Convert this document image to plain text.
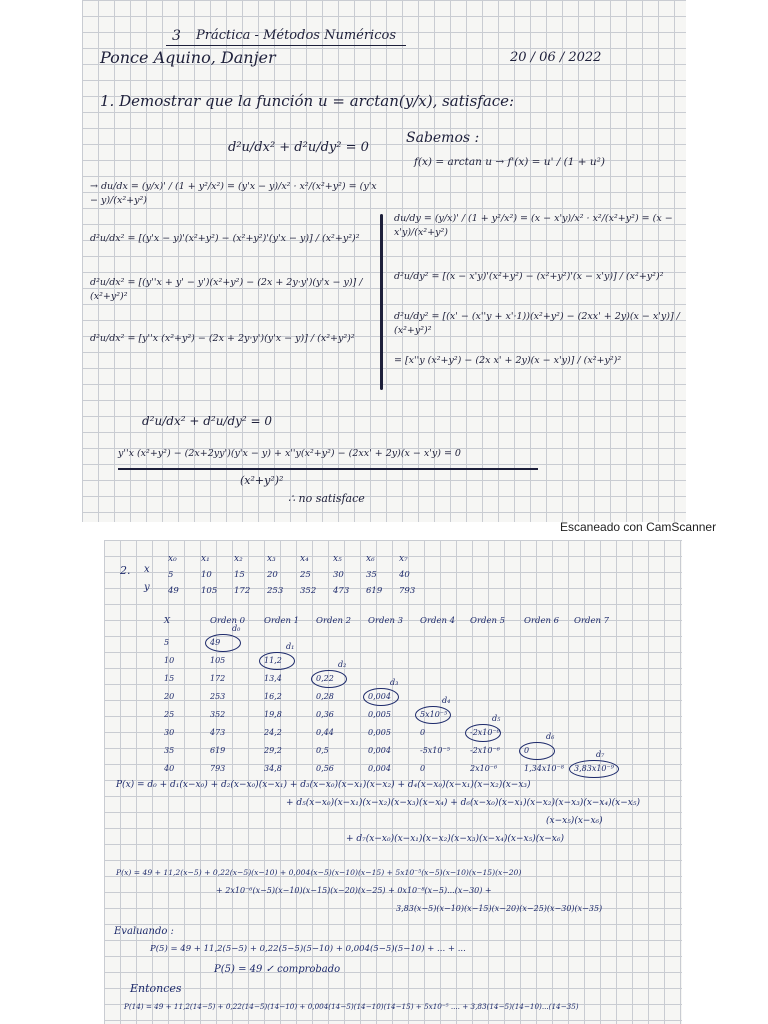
3 Práctica - Métodos Numéricos
Ponce Aquino, Danjer	20 / 06 / 2022
1. Demostrar que la función u = arctan(y/x), satisface:
d²u/dx² + d²u/dy² = 0
→ du/dx = (y/x)' / (1 + y²/x²) = (y'x − y)/x² · x²/(x²+y²) = (y'x − y)/(x²+y²)
d²u/dx² = [(y'x − y)'(x²+y²) − (x²+y²)'(y'x − y)] / (x²+y²)²
d²u/dx² = [(y''x + y' − y')(x²+y²) − (2x + 2y·y')(y'x − y)] / (x²+y²)²
d²u/dx² = [y''x (x²+y²) − (2x + 2y·y')(y'x − y)] / (x²+y²)²
Sabemos :
f(x) = arctan u → f'(x) = u' / (1 + u²)
du/dy = (y/x)' / (1 + y²/x²) = (x − x'y)/x² · x²/(x²+y²) = (x − x'y)/(x²+y²)
d²u/dy² = [(x − x'y)'(x²+y²) − (x²+y²)'(x − x'y)] / (x²+y²)²
d²u/dy² = [(x' − (x''y + x'·1))(x²+y²) − (2xx' + 2y)(x − x'y)] / (x²+y²)²
= [x''y (x²+y²) − (2x x' + 2y)(x − x'y)] / (x²+y²)²
d²u/dx² + d²u/dy² = 0
y''x (x²+y²) − (2x+2yy')(y'x − y) + x''y(x²+y²) − (2xx' + 2y)(x − x'y) = 0
(x²+y²)²
∴ no satisface
Escaneado con CamScanner
2. x
y
x₀	x₁	x₂	x₃	x₄	x₅	x₆	x₇
5	10	15	20	25	30	35	40
49	105 172 253 352 473 619 793
X	Orden 0 Orden 1 Orden 2 Orden 3 Orden 4 Orden 5 Orden 6 Orden 7
5	49
10	105	11,2
15	172	13,4	0,22
20	253	16,2	0,28	0,004
25	352	19,8	0,36	0,005	5x10⁻⁵
30	473	24,2	0,44	0,005	0	-2x10⁻⁶
35	619	29,2	0,5	0,004	-5x10⁻⁵	-2x10⁻⁶	0
40	793	34,8	0,56	0,004	0	2x10⁻⁶	1,34x10⁻⁸ 3,83x10⁻⁹
d₀
d₁
d₂
d₃
d₄
d₅
d₆
d₇
P(x) = d₀ + d₁(x−x₀) + d₂(x−x₀)(x−x₁) + d₃(x−x₀)(x−x₁)(x−x₂) + d₄(x−x₀)(x−x₁)(x−x₂)(x−x₃)
+ d₅(x−x₀)(x−x₁)(x−x₂)(x−x₃)(x−x₄) + d₆(x−x₀)(x−x₁)(x−x₂)(x−x₃)(x−x₄)(x−x₅)
(x−x₅)(x−x₆)
+ d₇(x−x₀)(x−x₁)(x−x₂)(x−x₃)(x−x₄)(x−x₅)(x−x₆)
P(x) = 49 + 11,2(x−5) + 0,22(x−5)(x−10) + 0,004(x−5)(x−10)(x−15) + 5x10⁻⁵(x−5)(x−10)(x−15)(x−20)
+ 2x10⁻⁶(x−5)(x−10)(x−15)(x−20)(x−25) + 0x10⁻⁸(x−5)...(x−30) +
3,83(x−5)(x−10)(x−15)(x−20)(x−25)(x−30)(x−35)
Evaluando :
P(5) = 49 + 11,2(5−5) + 0,22(5−5)(5−10) + 0,004(5−5)(5−10) + ... + ...
P(5) = 49 ✓ comprobado
Entonces
P(14) = 49 + 11,2(14−5) + 0,22(14−5)(14−10) + 0,004(14−5)(14−10)(14−15) + 5x10⁻⁵ .... + 3,83(14−5)(14−10)...(14−35)
